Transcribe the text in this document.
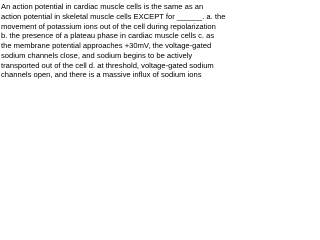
An action potential in cardiac muscle cells is the same as an
action potential in skeletal muscle cells EXCEPT for ______. a. the
movement of potassium ions out of the cell during repolarization
b. the presence of a plateau phase in cardiac muscle cells c. as
the membrane potential approaches +30mV, the voltage-gated
sodium channels close, and sodium begins to be actively
transported out of the cell d. at threshold, voltage-gated sodium
channels open, and there is a massive influx of sodium ions
